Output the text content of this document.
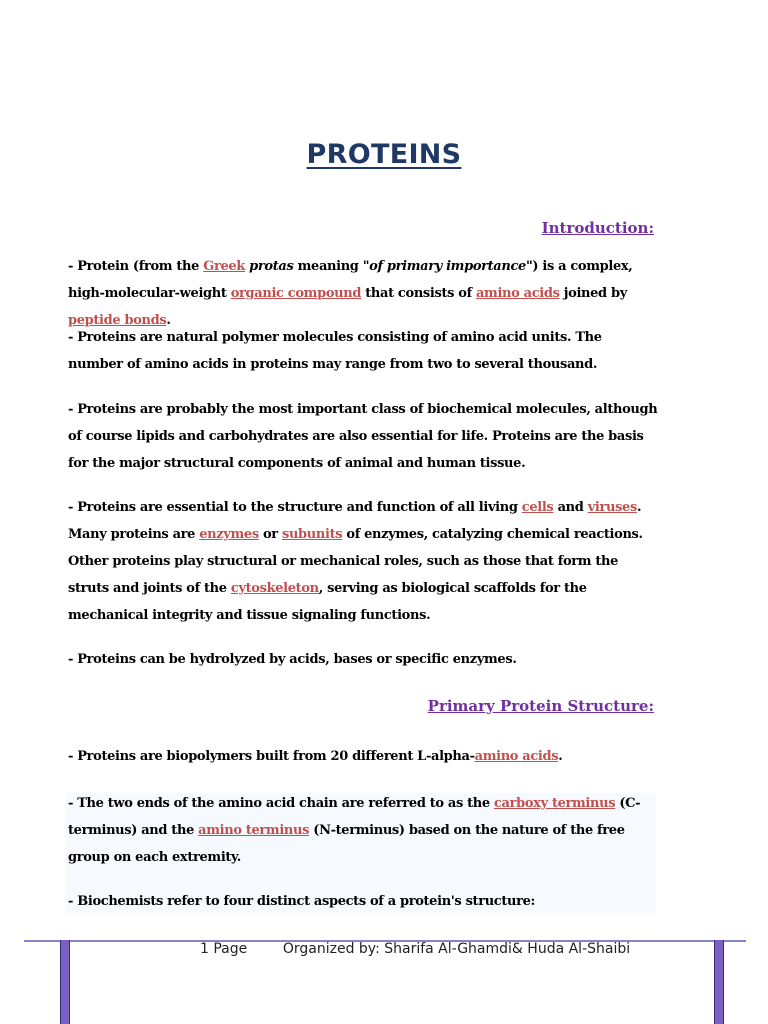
PROTEINS
Introduction:

- Protein (from the Greek protas meaning "of primary importance") is a complex, high-molecular-weight organic compound that consists of amino acids joined by peptide bonds.

- Proteins are natural polymer molecules consisting of amino acid units. The number of amino acids in proteins may range from two to several thousand.

- Proteins are probably the most important class of biochemical molecules, although of course lipids and carbohydrates are also essential for life. Proteins are the basis for the major structural components of animal and human tissue.

- Proteins are essential to the structure and function of all living cells and viruses. Many proteins are enzymes or subunits of enzymes, catalyzing chemical reactions. Other proteins play structural or mechanical roles, such as those that form the struts and joints of the cytoskeleton, serving as biological scaffolds for the mechanical integrity and tissue signaling functions.

- Proteins can be hydrolyzed by acids, bases or specific enzymes.

Primary Protein Structure:

- Proteins are biopolymers built from 20 different L-alpha-amino acids.

- The two ends of the amino acid chain are referred to as the carboxy terminus (C-terminus) and the amino terminus (N-terminus) based on the nature of the free group on each extremity.

- Biochemists refer to four distinct aspects of a protein's structure:

1 Page	Organized by: Sharifa Al-Ghamdi& Huda Al-Shaibi
